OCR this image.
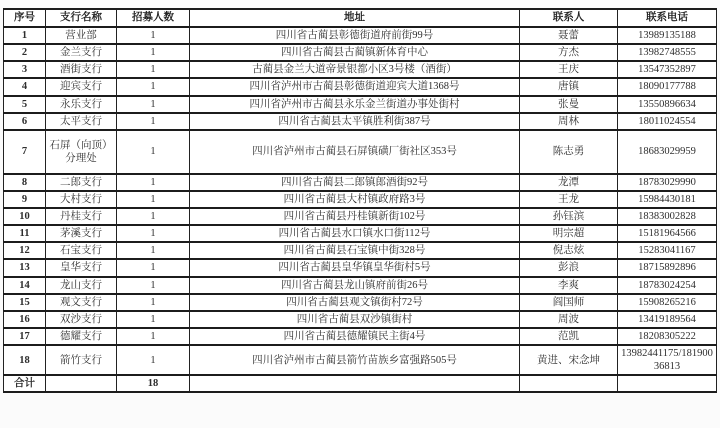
序号	支行名称	招募人数	地址	联系人	联系电话
1	营业部	1	四川省古蔺县彰德街道府前街99号	聂蕾	13989135188
2	金兰支行	1	四川省古蔺县古蔺镇新体育中心	方杰	13982748555
3	酒街支行	1	古蔺县金兰大道帝景银都小区3号楼（酒街）	王庆	13547352897
4	迎宾支行	1	四川省泸州市古蔺县彰德街道迎宾大道1368号	唐镇	18090177788
5	永乐支行	1	四川省泸州市古蔺县永乐金兰街道办事处街村	张曼	13550896634
6	太平支行	1	四川省古蔺县太平镇胜利街387号	周林	18011024554
7	石屏（向顶）分理处	1	四川省泸州市古蔺县石屏镇磺厂街社区353号	陈志勇	18683029959
8	二郎支行	1	四川省古蔺县二郎镇郎酒街92号	龙潭	18783029990
9	大村支行	1	四川省古蔺县大村镇政府路3号	王龙	15984430181
10	丹桂支行	1	四川省古蔺县丹桂镇新街102号	孙钰滨	18383002828
11	茅溪支行	1	四川省古蔺县水口镇水口街112号	明宗超	15181964566
12	石宝支行	1	四川省古蔺县石宝镇中街328号	倪志炫	15283041167
13	皇华支行	1	四川省古蔺县皇华镇皇华街村5号	彭浪	18715892896
14	龙山支行	1	四川省古蔺县龙山镇府前街26号	李爽	18783024254
15	观文支行	1	四川省古蔺县观文镇街村72号	阎国师	15908265216
16	双沙支行	1	四川省古蔺县双沙镇街村	周波	13419189564
17	德耀支行	1	四川省古蔺县德耀镇民主街4号	范凯	18208305222
18	箭竹支行	1	四川省泸州市古蔺县箭竹苗族乡富强路505号	黄进、宋念坤	13982441175/18190036813
合计		18			
